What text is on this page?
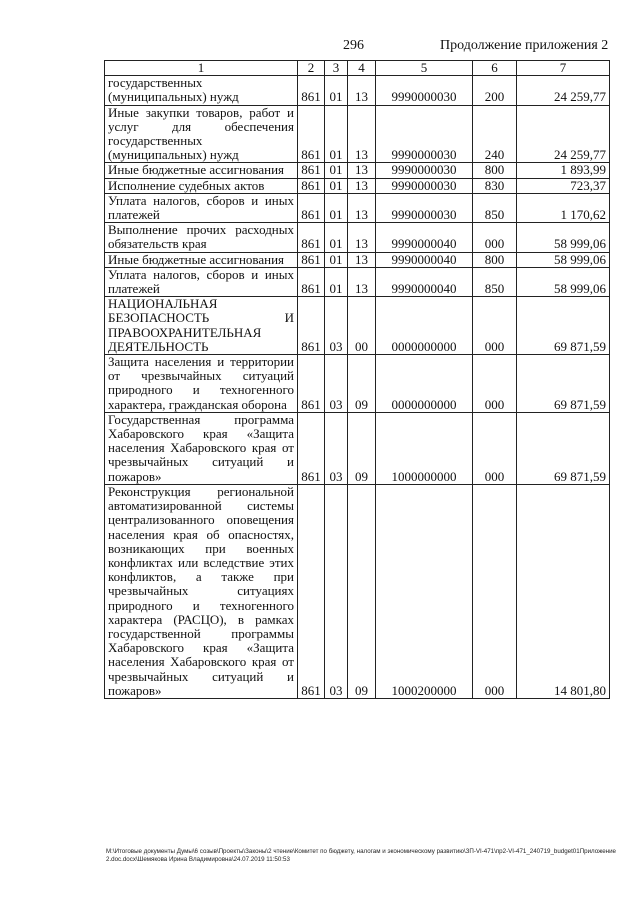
296	Продолжение приложения 2
1	2	3	4	5	6	7
государственных (муниципальных) нужд	861	01	13	9990000030	200	24 259,77
Иные закупки товаров, работ и услуг для обеспечения государственных (муниципальных) нужд	861	01	13	9990000030	240	24 259,77
Иные бюджетные ассигнования	861	01	13	9990000030	800	1 893,99
Исполнение судебных актов	861	01	13	9990000030	830	723,37
Уплата налогов, сборов и иных платежей	861	01	13	9990000030	850	1 170,62
Выполнение прочих расходных обязательств края	861	01	13	9990000040	000	58 999,06
Иные бюджетные ассигнования	861	01	13	9990000040	800	58 999,06
Уплата налогов, сборов и иных платежей	861	01	13	9990000040	850	58 999,06
НАЦИОНАЛЬНАЯ БЕЗОПАСНОСТЬ И ПРАВООХРАНИТЕЛЬНАЯ ДЕЯТЕЛЬНОСТЬ	861	03	00	0000000000	000	69 871,59
Защита населения и территории от чрезвычайных ситуаций природного и техногенного характера, гражданская оборона	861	03	09	0000000000	000	69 871,59
Государственная программа Хабаровского края «Защита населения Хабаровского края от чрезвычайных ситуаций и пожаров»	861	03	09	1000000000	000	69 871,59
Реконструкция региональной автоматизированной системы централизованного оповещения населения края об опасностях, возникающих при военных конфликтах или вследствие этих конфликтов, а также при чрезвычайных ситуациях природного и техногенного характера (РАСЦО), в рамках государственной программы Хабаровского края «Защита населения Хабаровского края от чрезвычайных ситуаций и пожаров»	861	03	09	1000200000	000	14 801,80
M:\Итоговые документы Думы\6 созыв\Проекты\Законы\2 чтение\Комитет по бюджету, налогам и экономическому развитию\ЗП-VI-471\пр2-VI-471_240719_budget01Приложение 2.doc.docx\Шемякова Ирина Владимировна\24.07.2019 11:50:53
